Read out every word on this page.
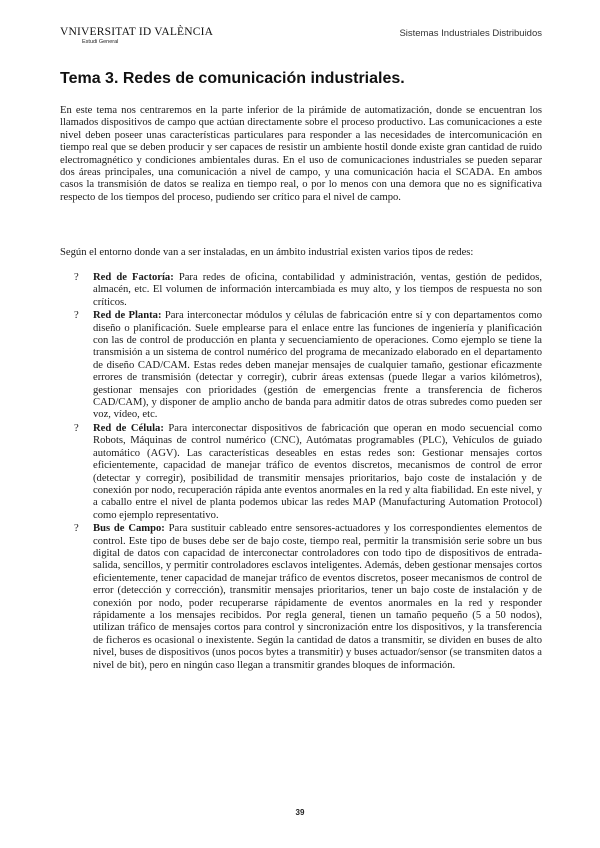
VNIVERSITAT ID VALÈNCIA
Estudi General
Sistemas Industriales Distribuidos
Tema 3. Redes de comunicación industriales.

En este tema nos centraremos en la parte inferior de la pirámide de automatización, donde se encuentran los llamados dispositivos de campo que actúan directamente sobre el proceso productivo. Las comunicaciones a este nivel deben poseer unas características particulares para responder a las necesidades de intercomunicación en tiempo real que se deben producir y ser capaces de resistir un ambiente hostil donde existe gran cantidad de ruido electromagnético y condiciones ambientales duras. En el uso de comunicaciones industriales se pueden separar dos áreas principales, una comunicación a nivel de campo, y una comunicación hacia el SCADA. En ambos casos la transmisión de datos se realiza en tiempo real, o por lo menos con una demora que no es significativa respecto de los tiempos del proceso, pudiendo ser crítico para el nivel de campo.

Según el entorno donde van a ser instaladas, en un ámbito industrial existen varios tipos de redes:

? Red de Factoría: Para redes de oficina, contabilidad y administración, ventas, gestión de pedidos, almacén, etc. El volumen de información intercambiada es muy alto, y los tiempos de respuesta no son críticos.
? Red de Planta: Para interconectar módulos y células de fabricación entre sí y con departamentos como diseño o planificación. Suele emplearse para el enlace entre las funciones de ingeniería y planificación con las de control de producción en planta y secuenciamiento de operaciones. Como ejemplo se tiene la transmisión a un sistema de control numérico del programa de mecanizado elaborado en el departamento de diseño CAD/CAM. Estas redes deben manejar mensajes de cualquier tamaño, gestionar eficazmente errores de transmisión (detectar y corregir), cubrir áreas extensas (puede llegar a varios kilómetros), gestionar mensajes con prioridades (gestión de emergencias frente a transferencia de ficheros CAD/CAM), y disponer de amplio ancho de banda para admitir datos de otras subredes como pueden ser voz, vídeo, etc.
? Red de Célula: Para interconectar dispositivos de fabricación que operan en modo secuencial como Robots, Máquinas de control numérico (CNC), Autómatas programables (PLC), Vehículos de guiado automático (AGV). Las características deseables en estas redes son: Gestionar mensajes cortos eficientemente, capacidad de manejar tráfico de eventos discretos, mecanismos de control de error (detectar y corregir), posibilidad de transmitir mensajes prioritarios, bajo coste de instalación y de conexión por nodo, recuperación rápida ante eventos anormales en la red y alta fiabilidad. En este nivel, y a caballo entre el nivel de planta podemos ubicar las redes MAP (Manufacturing Automation Protocol) como ejemplo representativo.
? Bus de Campo: Para sustituir cableado entre sensores-actuadores y los correspondientes elementos de control. Este tipo de buses debe ser de bajo coste, tiempo real, permitir la transmisión serie sobre un bus digital de datos con capacidad de interconectar controladores con todo tipo de dispositivos de entrada-salida, sencillos, y permitir controladores esclavos inteligentes. Además, deben gestionar mensajes cortos eficientemente, tener capacidad de manejar tráfico de eventos discretos, poseer mecanismos de control de error (detección y corrección), transmitir mensajes prioritarios, tener un bajo coste de instalación y de conexión por nodo, poder recuperarse rápidamente de eventos anormales en la red y responder rápidamente a los mensajes recibidos. Por regla general, tienen un tamaño pequeño (5 a 50 nodos), utilizan tráfico de mensajes cortos para control y sincronización entre los dispositivos, y la transferencia de ficheros es ocasional o inexistente. Según la cantidad de datos a transmitir, se dividen en buses de alto nivel, buses de dispositivos (unos pocos bytes a transmitir) y buses actuador/sensor (se transmiten datos a nivel de bit), pero en ningún caso llegan a transmitir grandes bloques de información.
39
